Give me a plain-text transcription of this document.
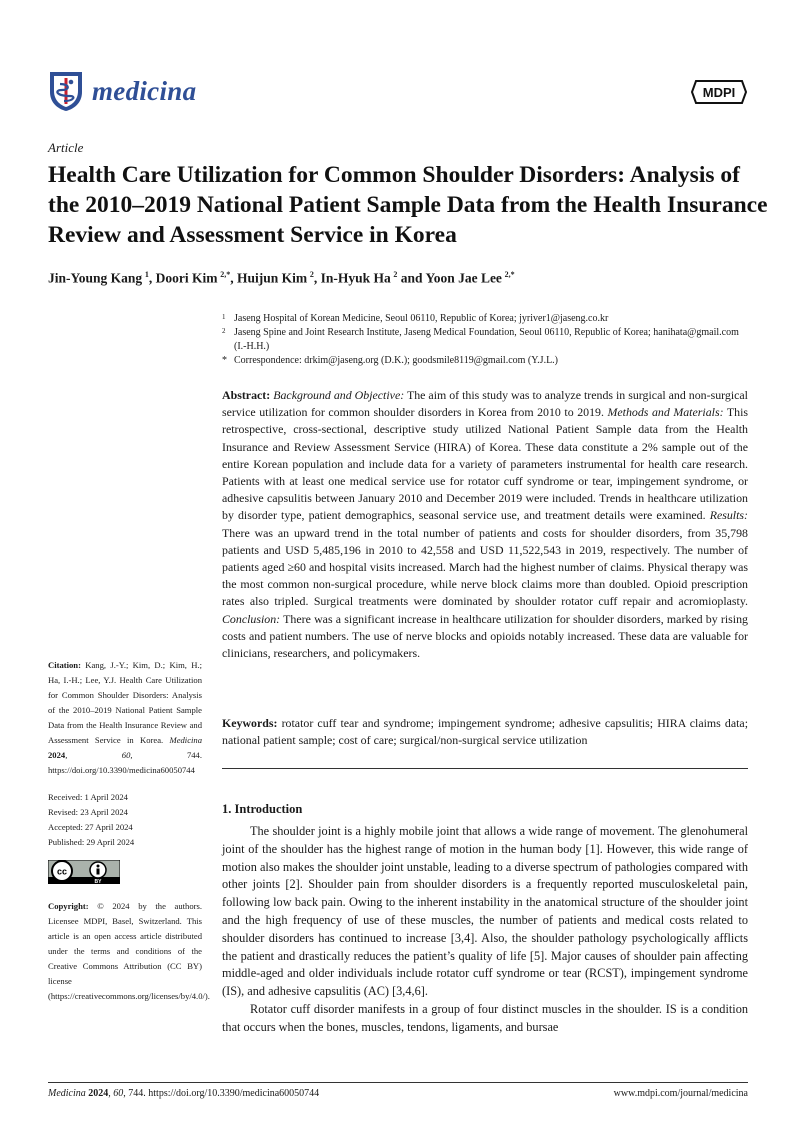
medicina	MDPI
Article
Health Care Utilization for Common Shoulder Disorders: Analysis of the 2010–2019 National Patient Sample Data from the Health Insurance Review and Assessment Service in Korea
Jin-Young Kang  $^1$, Doori Kim  $^{2,*}$, Huijun Kim  $^2$, In-Hyuk Ha  $^2$ and Yoon Jae Lee  $^{2,*}$
1 Jaseng Hospital of Korean Medicine, Seoul 06110, Republic of Korea; jyriver1@jaseng.co.kr
2 Jaseng Spine and Joint Research Institute, Jaseng Medical Foundation, Seoul 06110, Republic of Korea; hanihata@gmail.com (I.-H.H.)
* Correspondence: drkim@jaseng.org (D.K.); goodsmile8119@gmail.com (Y.J.L.)
Abstract: Background and Objective: The aim of this study was to analyze trends in surgical and non-surgical service utilization for common shoulder disorders in Korea from 2010 to 2019. Methods and Materials: This retrospective, cross-sectional, descriptive study utilized National Patient Sample data from the Health Insurance and Review Assessment Service (HIRA) of Korea. These data constitute a 2% sample out of the entire Korean population and include data for a variety of parameters instrumental for health care research. Patients with at least one medical service use for rotator cuff syndrome or tear, impingement syndrome, or adhesive capsulitis between January 2010 and December 2019 were included. Trends in healthcare utilization by disorder type, patient demographics, seasonal service use, and treatment details were examined. Results: There was an upward trend in the total number of patients and costs for shoulder disorders, from 35,798 patients and USD 5,485,196 in 2010 to 42,558 and USD 11,522,543 in 2019, respectively. The number of patients aged ≥60 and hospital visits increased. March had the highest number of claims. Physical therapy was the most common non-surgical procedure, while nerve block claims more than doubled. Opioid prescription rates also tripled. Surgical treatments were dominated by shoulder rotator cuff repair and acromioplasty. Conclusion: There was a significant increase in healthcare utilization for shoulder disorders, marked by rising costs and patient numbers. The use of nerve blocks and opioids notably increased. These data are valuable for clinicians, researchers, and policymakers.
Keywords: rotator cuff tear and syndrome; impingement syndrome; adhesive capsulitis; HIRA claims data; national patient sample; cost of care; surgical/non-surgical service utilization
Citation: Kang, J.-Y.; Kim, D.; Kim, H.; Ha, I.-H.; Lee, Y.J. Health Care Utilization for Common Shoulder Disorders: Analysis of the 2010–2019 National Patient Sample Data from the Health Insurance Review and Assessment Service in Korea. Medicina 2024, 60, 744. https://doi.org/10.3390/medicina60050744
Received: 1 April 2024
Revised: 23 April 2024
Accepted: 27 April 2024
Published: 29 April 2024
cc
BY
Copyright: © 2024 by the authors. Licensee MDPI, Basel, Switzerland. This article is an open access article distributed under the terms and conditions of the Creative Commons Attribution (CC BY) license (https://creativecommons.org/licenses/by/4.0/).
1. Introduction

The shoulder joint is a highly mobile joint that allows a wide range of movement. The glenohumeral joint of the shoulder has the highest range of motion in the human body [1]. However, this wide range of motion also makes the shoulder joint unstable, leading to a diverse spectrum of pathologies compared with other joints [2]. Shoulder pain from shoulder disorders is a frequently reported musculoskeletal pain, following low back pain. Owing to the inherent instability in the anatomical structure of the shoulder joint and the high frequency of use of these muscles, the number of patients and medical costs related to shoulder disorders has continued to increase [3,4]. Also, the shoulder pathology psychologically afflicts the patient and drastically reduces the patient’s quality of life [5]. Major causes of shoulder pain affecting middle-aged and older individuals include rotator cuff syndrome or tear (RCST), impingement syndrome (IS), and adhesive capsulitis (AC) [3,4,6].

Rotator cuff disorder manifests in a group of four distinct muscles in the shoulder. IS is a condition that occurs when the bones, muscles, tendons, ligaments, and bursae

Medicina 2024, 60, 744. https://doi.org/10.3390/medicina60050744	www.mdpi.com/journal/medicina
